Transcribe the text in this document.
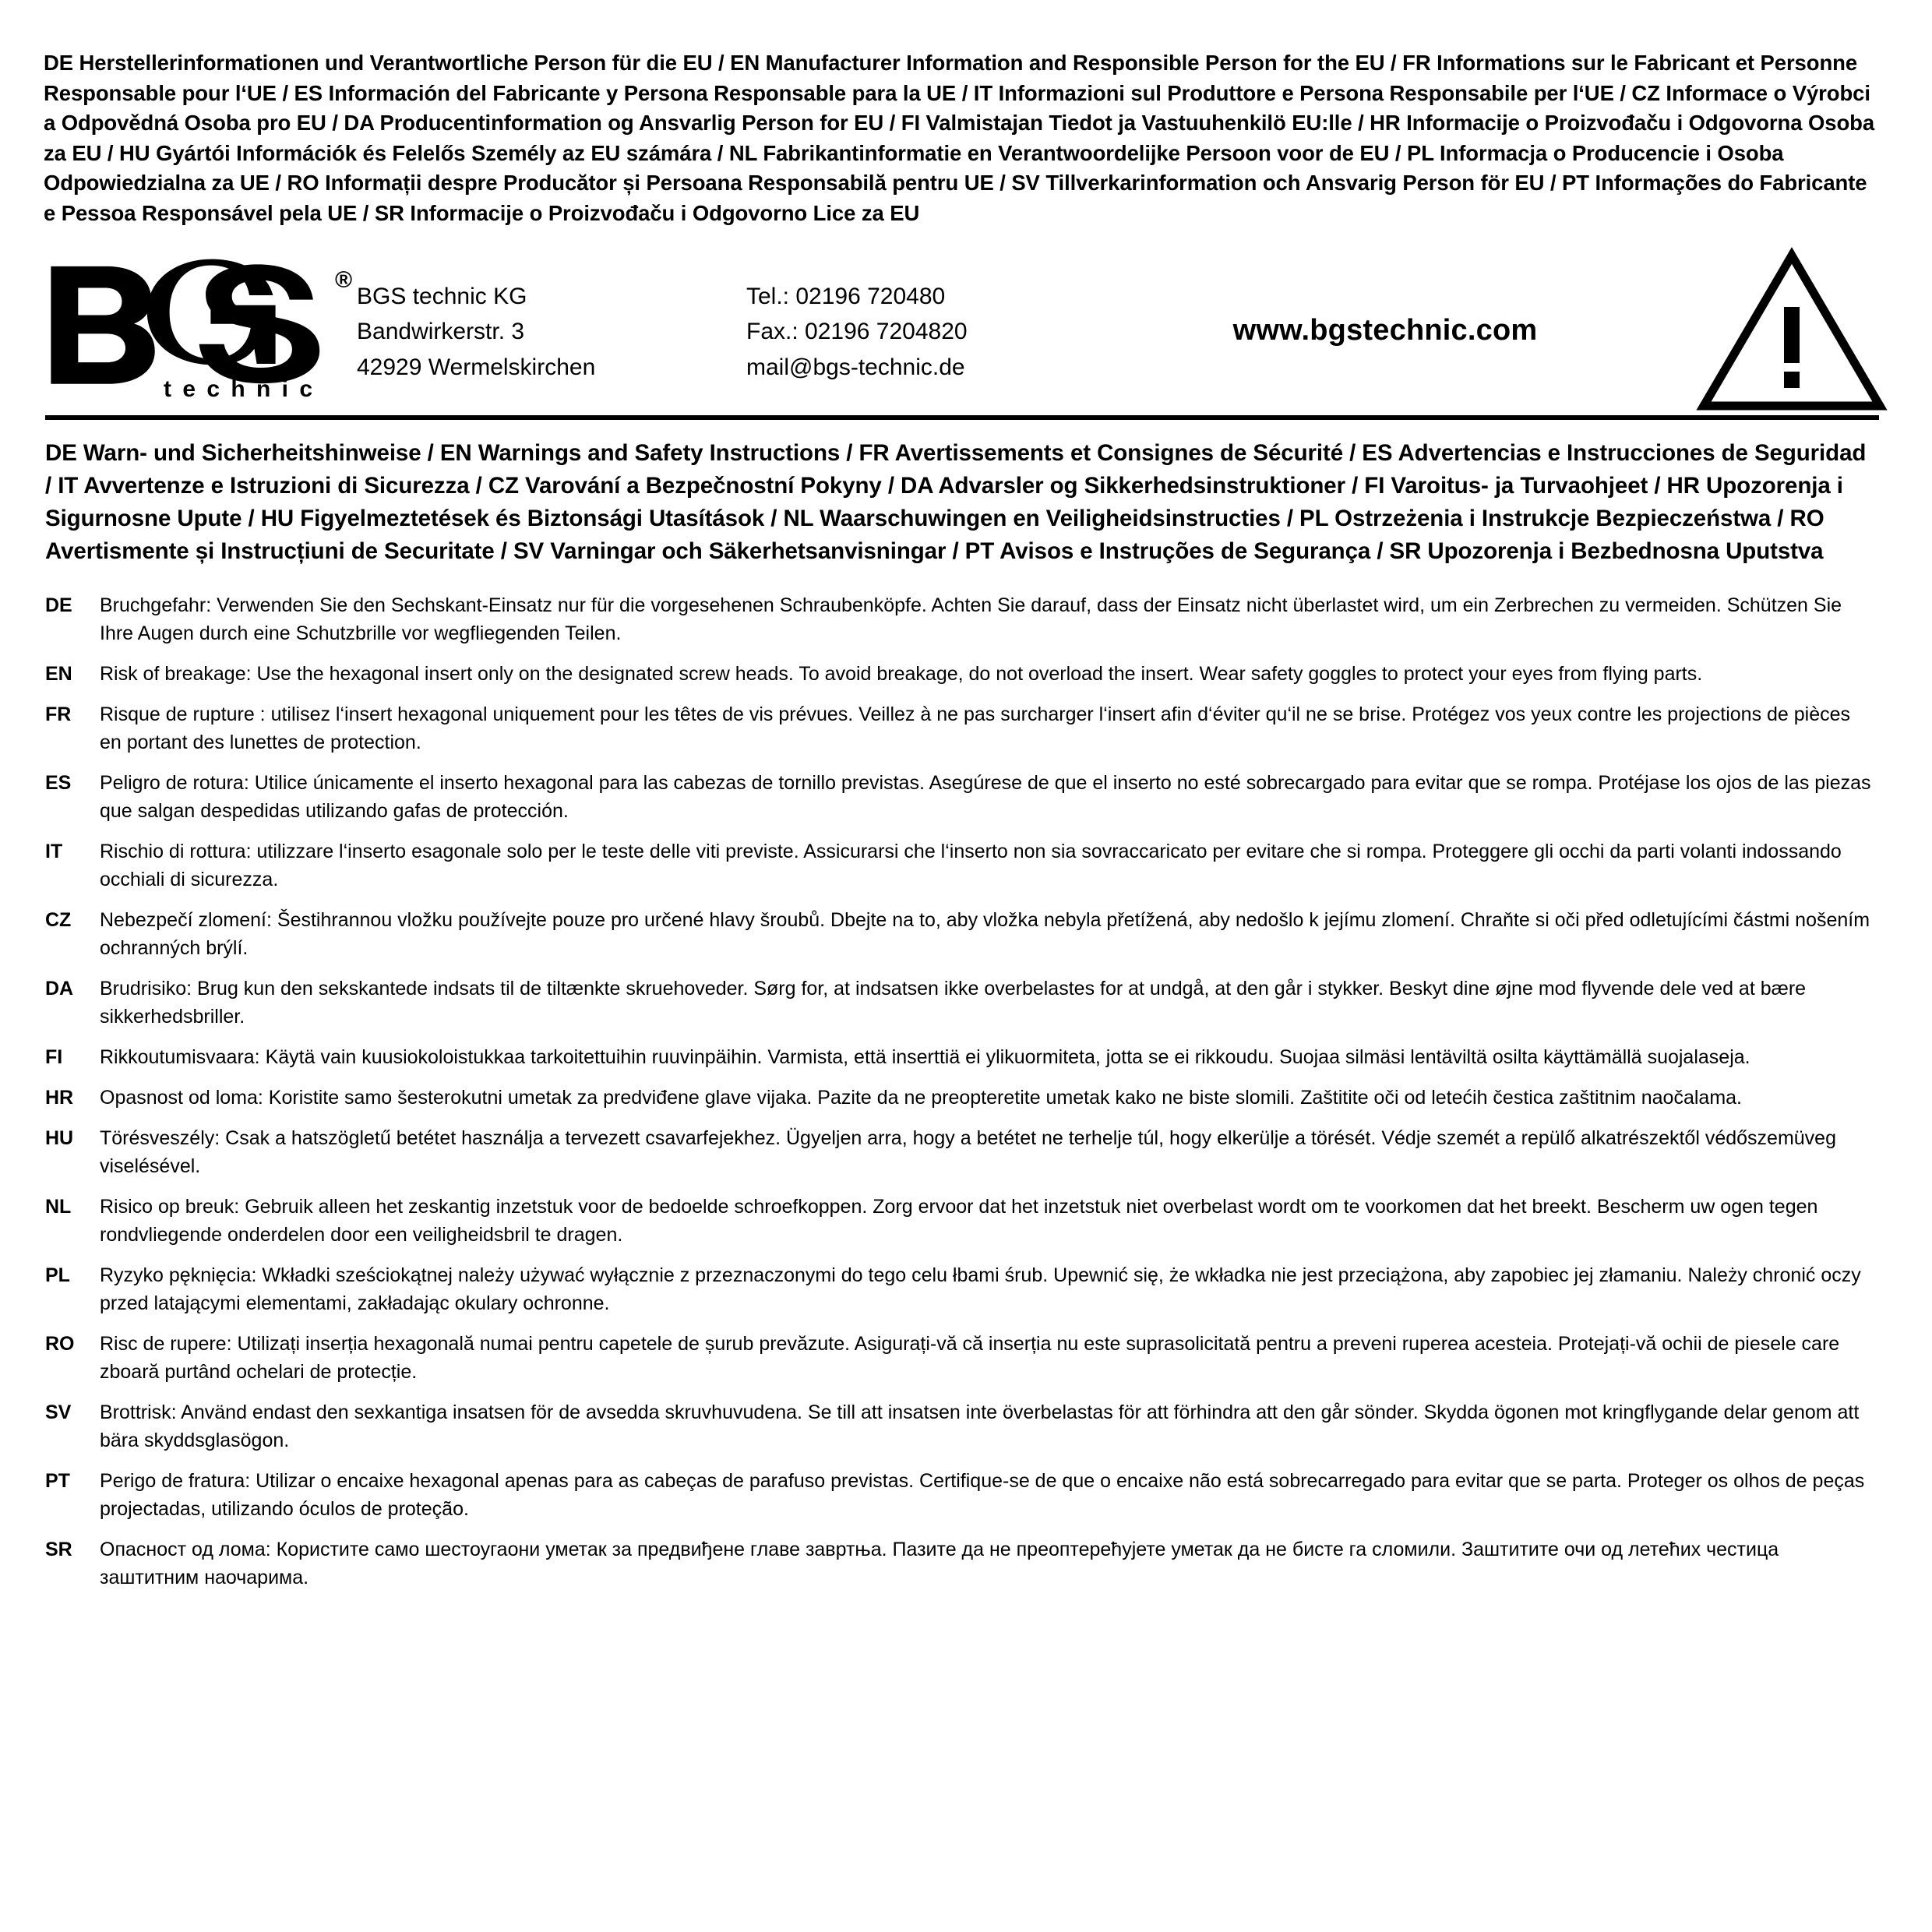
DE Herstellerinformationen und Verantwortliche Person für die EU / EN Manufacturer Information and Responsible Person for the EU / FR Informations sur le Fabricant et Personne Responsable pour l‘UE / ES Información del Fabricante y Persona Responsable para la UE / IT Informazioni sul Produttore e Persona Responsabile per l‘UE / CZ Informace o Výrobci a Odpovědná Osoba pro EU / DA Producentinformation og Ansvarlig Person for EU / FI Valmistajan Tiedot ja Vastuuhenkilö EU:lle / HR Informacije o Proizvođaču i Odgovorna Osoba za EU / HU Gyártói Információk és Felelős Személy az EU számára / NL Fabrikantinformatie en Verantwoordelijke Persoon voor de EU / PL Informacja o Producencie i Osoba Odpowiedzialna za UE / RO Informații despre Producător și Persoana Responsabilă pentru UE / SV Tillverkarinformation och Ansvarig Person för EU / PT Informações do Fabricante e Pessoa Responsável pela UE / SR Informacije o Proizvođaču i Odgovorno Lice za EU
®
t e c h n i c
BGS technic KG
Bandwirkerstr. 3
42929 Wermelskirchen
Tel.: 02196 720480
Fax.: 02196 7204820
mail@bgs-technic.de
www.bgstechnic.com
DE Warn- und Sicherheitshinweise / EN Warnings and Safety Instructions / FR Avertissements et Consignes de Sécurité / ES Advertencias e Instrucciones de Seguridad / IT Avvertenze e Istruzioni di Sicurezza / CZ Varování a Bezpečnostní Pokyny / DA Advarsler og Sikkerhedsinstruktioner / FI Varoitus- ja Turvaohjeet / HR Upozorenja i Sigurnosne Upute / HU Figyelmeztetések és Biztonsági Utasítások / NL Waarschuwingen en Veiligheidsinstructies / PL Ostrzeżenia i Instrukcje Bezpieczeństwa / RO Avertismente și Instrucțiuni de Securitate / SV Varningar och Säkerhetsanvisningar / PT Avisos e Instruções de Segurança / SR Upozorenja i Bezbednosna Uputstva
DE	Bruchgefahr: Verwenden Sie den Sechskant-Einsatz nur für die vorgesehenen Schraubenköpfe. Achten Sie darauf, dass der Einsatz nicht überlastet wird, um ein Zerbrechen zu vermeiden. Schützen Sie Ihre Augen durch eine Schutzbrille vor wegfliegenden Teilen.
EN	Risk of breakage: Use the hexagonal insert only on the designated screw heads. To avoid breakage, do not overload the insert. Wear safety goggles to protect your eyes from flying parts.
FR	Risque de rupture : utilisez l‘insert hexagonal uniquement pour les têtes de vis prévues. Veillez à ne pas surcharger l‘insert afin d‘éviter qu‘il ne se brise. Protégez vos yeux contre les projections de pièces en portant des lunettes de protection.
ES	Peligro de rotura: Utilice únicamente el inserto hexagonal para las cabezas de tornillo previstas. Asegúrese de que el inserto no esté sobrecargado para evitar que se rompa. Protéjase los ojos de las piezas que salgan despedidas utilizando gafas de protección.
IT	Rischio di rottura: utilizzare l‘inserto esagonale solo per le teste delle viti previste. Assicurarsi che l‘inserto non sia sovraccaricato per evitare che si rompa. Proteggere gli occhi da parti volanti indossando occhiali di sicurezza.
CZ	Nebezpečí zlomení: Šestihrannou vložku používejte pouze pro určené hlavy šroubů. Dbejte na to, aby vložka nebyla přetížená, aby nedošlo k jejímu zlomení. Chraňte si oči před odletujícími částmi nošením ochranných brýlí.
DA	Brudrisiko: Brug kun den sekskantede indsats til de tiltænkte skruehoveder. Sørg for, at indsatsen ikke overbelastes for at undgå, at den går i stykker. Beskyt dine øjne mod flyvende dele ved at bære sikkerhedsbriller.
FI	Rikkoutumisvaara: Käytä vain kuusiokoloistukkaa tarkoitettuihin ruuvinpäihin. Varmista, että inserttiä ei ylikuormiteta, jotta se ei rikkoudu. Suojaa silmäsi lentäviltä osilta käyttämällä suojalaseja.
HR	Opasnost od loma: Koristite samo šesterokutni umetak za predviđene glave vijaka. Pazite da ne preopteretite umetak kako ne biste slomili. Zaštitite oči od letećih čestica zaštitnim naočalama.
HU	Törésveszély: Csak a hatszögletű betétet használja a tervezett csavarfejekhez. Ügyeljen arra, hogy a betétet ne terhelje túl, hogy elkerülje a törését. Védje szemét a repülő alkatrészektől védőszemüveg viselésével.
NL	Risico op breuk: Gebruik alleen het zeskantig inzetstuk voor de bedoelde schroefkoppen. Zorg ervoor dat het inzetstuk niet overbelast wordt om te voorkomen dat het breekt. Bescherm uw ogen tegen rondvliegende onderdelen door een veiligheidsbril te dragen.
PL	Ryzyko pęknięcia: Wkładki sześciokątnej należy używać wyłącznie z przeznaczonymi do tego celu łbami śrub. Upewnić się, że wkładka nie jest przeciążona, aby zapobiec jej złamaniu. Należy chronić oczy przed latającymi elementami, zakładając okulary ochronne.
RO	Risc de rupere: Utilizați inserția hexagonală numai pentru capetele de șurub prevăzute. Asigurați-vă că inserția nu este suprasolicitată pentru a preveni ruperea acesteia. Protejați-vă ochii de piesele care zboară purtând ochelari de protecție.
SV	Brottrisk: Använd endast den sexkantiga insatsen för de avsedda skruvhuvudena. Se till att insatsen inte överbelastas för att förhindra att den går sönder. Skydda ögonen mot kringflygande delar genom att bära skyddsglasögon.
PT	Perigo de fratura: Utilizar o encaixe hexagonal apenas para as cabeças de parafuso previstas. Certifique-se de que o encaixe não está sobrecarregado para evitar que se parta. Proteger os olhos de peças projectadas, utilizando óculos de proteção.
SR	Опасност од лома: Користите само шестоугаони уметак за предвиђене главе завртња. Пазите да не преоптерећујете уметак да не бисте га сломили. Заштитите очи од летећих честица заштитним наочарима.
